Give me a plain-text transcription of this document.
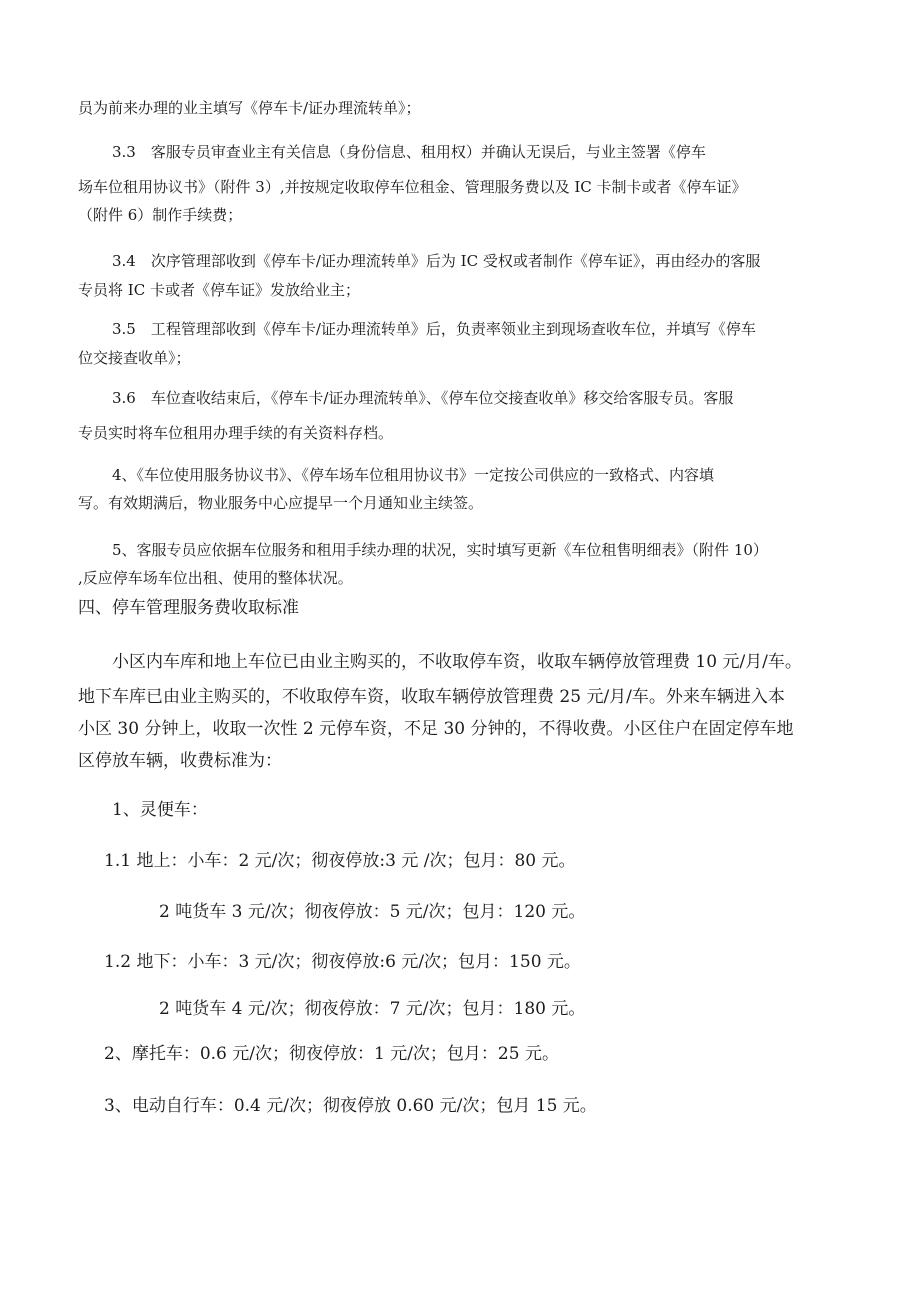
员为前来办理的业主填写《停车卡/证办理流转单》；
3.3　客服专员审查业主有关信息（身份信息、租用权）并确认无误后，与业主签署《停车
场车位租用协议书》（附件 3）,并按规定收取停车位租金、管理服务费以及 IC 卡制卡或者《停车证》
（附件 6）制作手续费；
3.4　次序管理部收到《停车卡/证办理流转单》后为 IC 受权或者制作《停车证》，再由经办的客服
专员将 IC 卡或者《停车证》发放给业主；
3.5　工程管理部收到《停车卡/证办理流转单》后，负责率领业主到现场查收车位，并填写《停车
位交接查收单》；
3.6　车位查收结束后，《停车卡/证办理流转单》、《停车位交接查收单》移交给客服专员。客服
专员实时将车位租用办理手续的有关资料存档。
4、《车位使用服务协议书》、《停车场车位租用协议书》一定按公司供应的一致格式、内容填
写。有效期满后，物业服务中心应提早一个月通知业主续签。
5、客服专员应依据车位服务和租用手续办理的状况，实时填写更新《车位租售明细表》（附件 10）
,反应停车场车位出租、使用的整体状况。
四、停车管理服务费收取标准
小区内车库和地上车位已由业主购买的，不收取停车资，收取车辆停放管理费 10 元/月/车。
地下车库已由业主购买的，不收取停车资，收取车辆停放管理费 25 元/月/车。外来车辆进入本
小区 30 分钟上，收取一次性 2 元停车资，不足 30 分钟的，不得收费。小区住户在固定停车地
区停放车辆，收费标准为：
1、灵便车：
1.1 地上：小车：2 元/次；彻夜停放:3 元 /次；包月：80 元。
2 吨货车 3 元/次；彻夜停放：5 元/次；包月：120 元。
1.2 地下：小车：3 元/次；彻夜停放:6 元/次；包月：150 元。
2 吨货车 4 元/次；彻夜停放：7 元/次；包月：180 元。
2、摩托车：0.6 元/次；彻夜停放：1 元/次；包月：25 元。
3、电动自行车：0.4 元/次；彻夜停放 0.60 元/次；包月 15 元。
